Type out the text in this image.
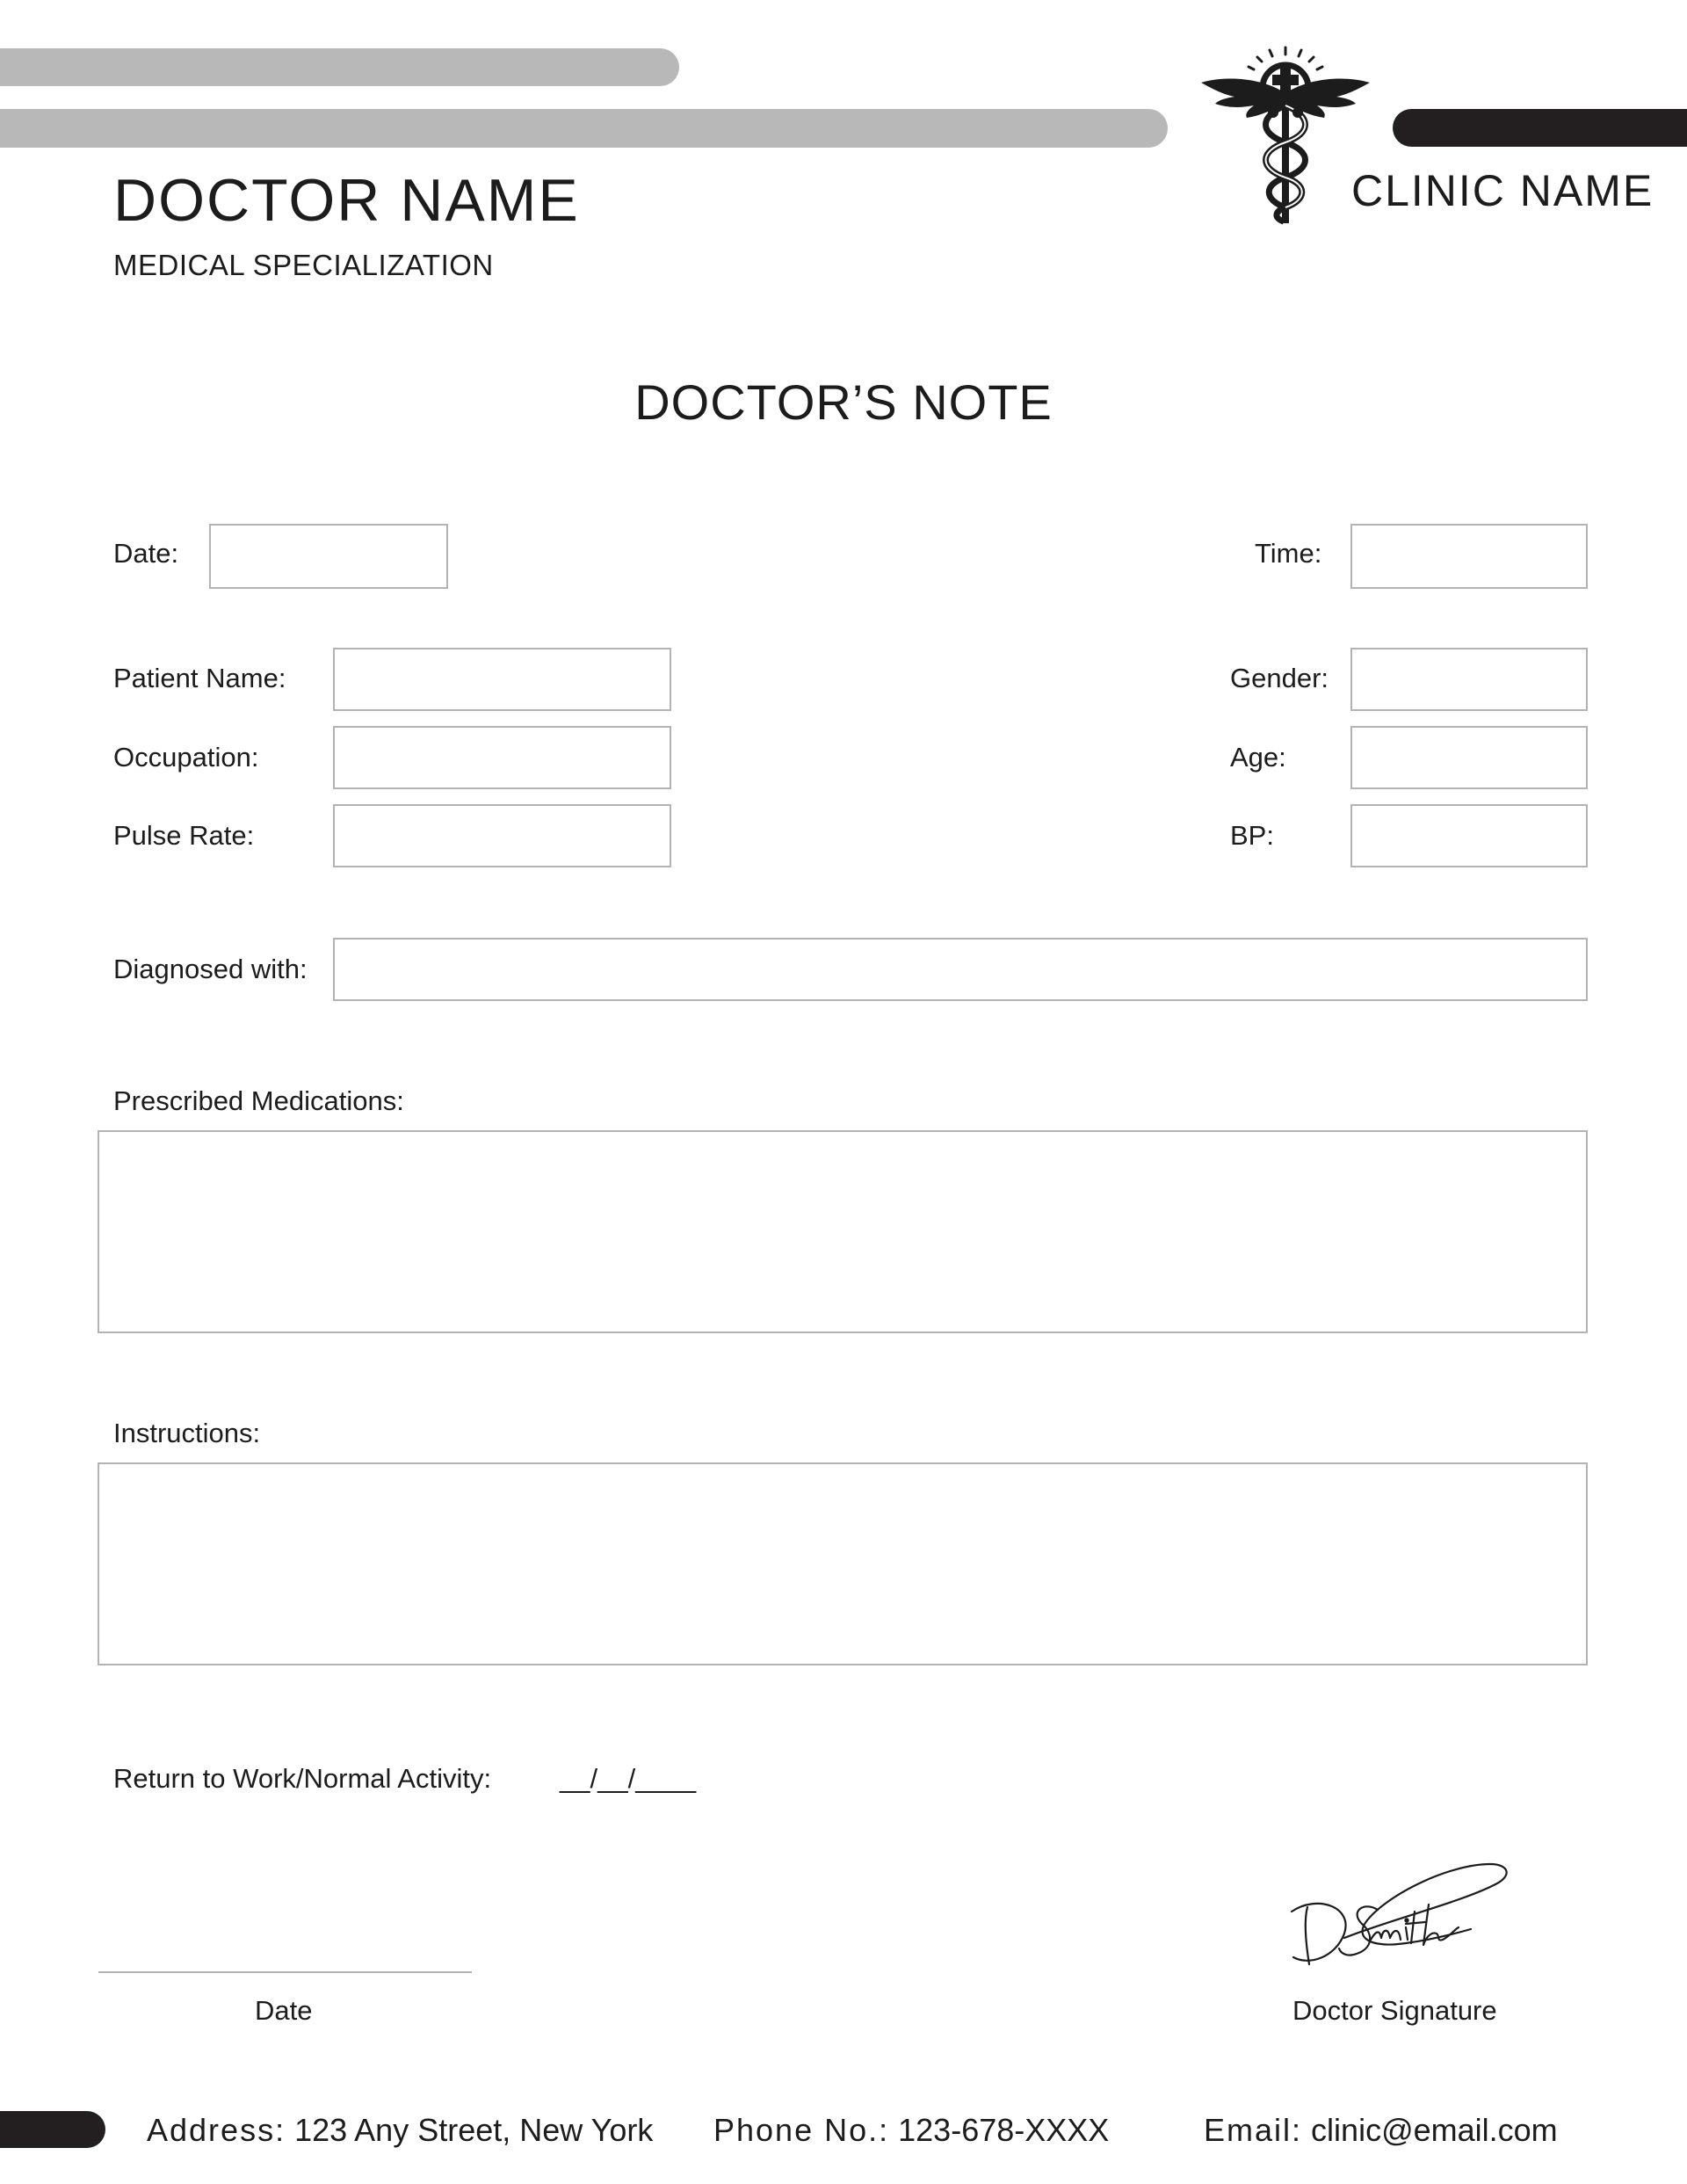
DOCTOR NAME
MEDICAL SPECIALIZATION
CLINIC NAME
DOCTOR’S NOTE
Date:	Time:
Patient Name:	Gender:
Occupation:	Age:
Pulse Rate:	BP:
Diagnosed with:
Prescribed Medications:
Instructions:
Return to Work/Normal Activity:	__/__/____
Date	Doctor Signature
Address: 123 Any Street, New York Phone No.: 123-678-XXXX	Email: clinic@email.com
